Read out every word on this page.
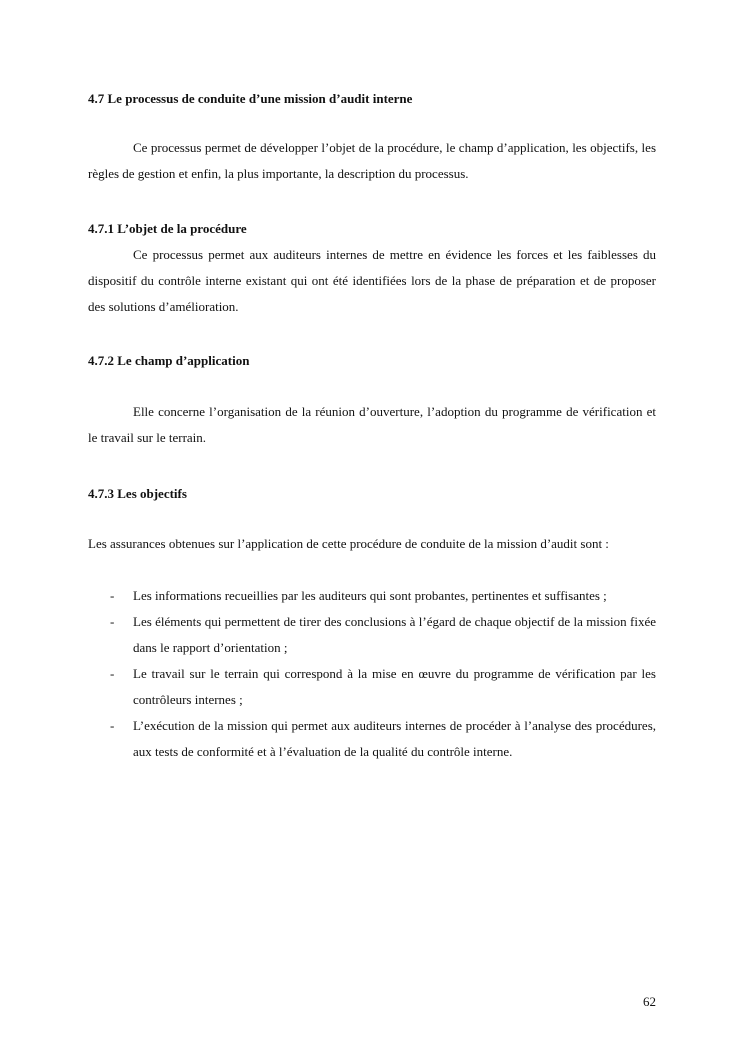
4.7 Le processus de conduite d’une mission d’audit interne

Ce processus permet de développer l’objet de la procédure, le champ d’application, les objectifs, les règles de gestion et enfin, la plus importante, la description du processus.

4.7.1 L’objet de la procédure

Ce processus permet aux auditeurs internes de mettre en évidence les forces et les faiblesses du dispositif du contrôle interne existant qui ont été identifiées lors de la phase de préparation et de proposer des solutions d’amélioration.

4.7.2 Le champ d’application

Elle concerne l’organisation de la réunion d’ouverture, l’adoption du programme de vérification et le travail sur le terrain.

4.7.3 Les objectifs

Les assurances obtenues sur l’application de cette procédure de conduite de la mission d’audit sont :

- Les informations recueillies par les auditeurs qui sont probantes, pertinentes et suffisantes ;
- Les éléments qui permettent de tirer des conclusions à l’égard de chaque objectif de la mission fixée dans le rapport d’orientation ;
- Le travail sur le terrain qui correspond à la mise en œuvre du programme de vérification par les contrôleurs internes ;
- L’exécution de la mission qui permet aux auditeurs internes de procéder à l’analyse des procédures, aux tests de conformité et à l’évaluation de la qualité du contrôle interne.
62
